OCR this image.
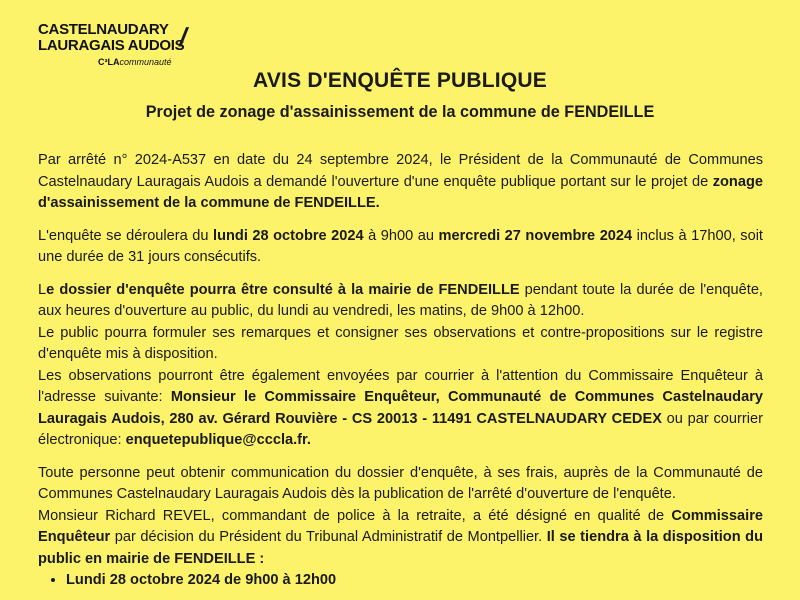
CASTELNAUDARY
LAURAGAIS AUDOIS
/
C³LAcommunauté
AVIS D'ENQUÊTE PUBLIQUE
Projet de zonage d'assainissement de la commune de FENDEILLE

Par arrêté n° 2024-A537 en date du 24 septembre 2024, le Président de la Communauté de Communes Castelnaudary Lauragais Audois a demandé l'ouverture d'une enquête publique portant sur le projet de zonage d'assainissement de la commune de FENDEILLE.

L'enquête se déroulera du lundi 28 octobre 2024 à 9h00 au mercredi 27 novembre 2024 inclus à 17h00, soit une durée de 31 jours consécutifs.

Le dossier d'enquête pourra être consulté à la mairie de FENDEILLE pendant toute la durée de l'enquête, aux heures d'ouverture au public, du lundi au vendredi, les matins, de 9h00 à 12h00.

Le public pourra formuler ses remarques et consigner ses observations et contre-propositions sur le registre d'enquête mis à disposition.

Les observations pourront être également envoyées par courrier à l'attention du Commissaire Enquêteur à l'adresse suivante: Monsieur le Commissaire Enquêteur, Communauté de Communes Castelnaudary Lauragais Audois, 280 av. Gérard Rouvière - CS 20013 - 11491 CASTELNAUDARY CEDEX ou par courrier électronique: enquetepublique@cccla.fr.

Toute personne peut obtenir communication du dossier d'enquête, à ses frais, auprès de la Communauté de Communes Castelnaudary Lauragais Audois dès la publication de l'arrêté d'ouverture de l'enquête.

Monsieur Richard REVEL, commandant de police à la retraite, a été désigné en qualité de Commissaire Enquêteur par décision du Président du Tribunal Administratif de Montpellier. Il se tiendra à la disposition du public en mairie de FENDEILLE :

• Lundi 28 octobre 2024 de 9h00 à 12h00
